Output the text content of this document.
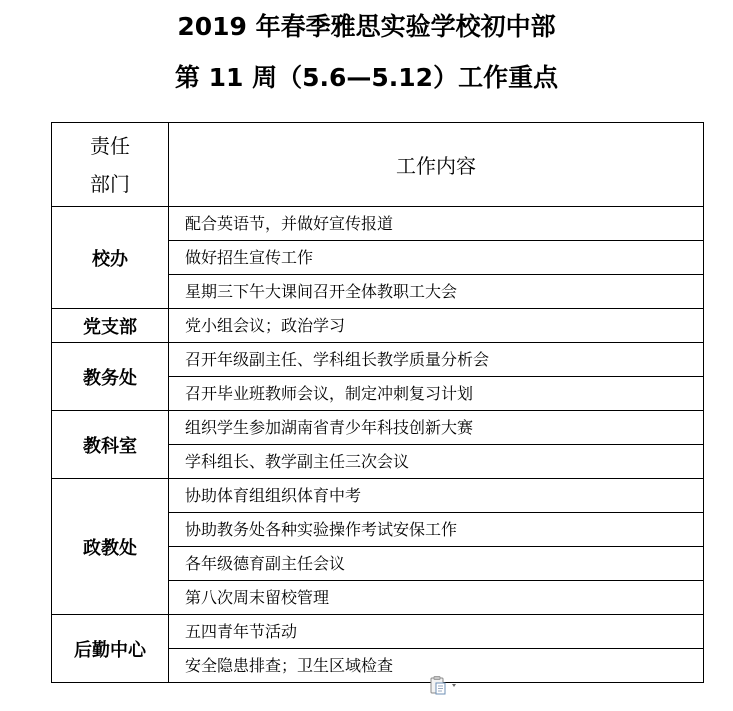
2019 年春季雅思实验学校初中部
第 11 周（5.6—5.12）工作重点
责任
部门	工作内容
校办	配合英语节，并做好宣传报道
	做好招生宣传工作
	星期三下午大课间召开全体教职工大会
党支部	党小组会议；政治学习
教务处	召开年级副主任、学科组长教学质量分析会
	召开毕业班教师会议，制定冲刺复习计划
教科室	组织学生参加湖南省青少年科技创新大赛
	学科组长、教学副主任三次会议
政教处	协助体育组组织体育中考
	协助教务处各种实验操作考试安保工作
	各年级德育副主任会议
	第八次周末留校管理
后勤中心	五四青年节活动
	安全隐患排查；卫生区域检查
